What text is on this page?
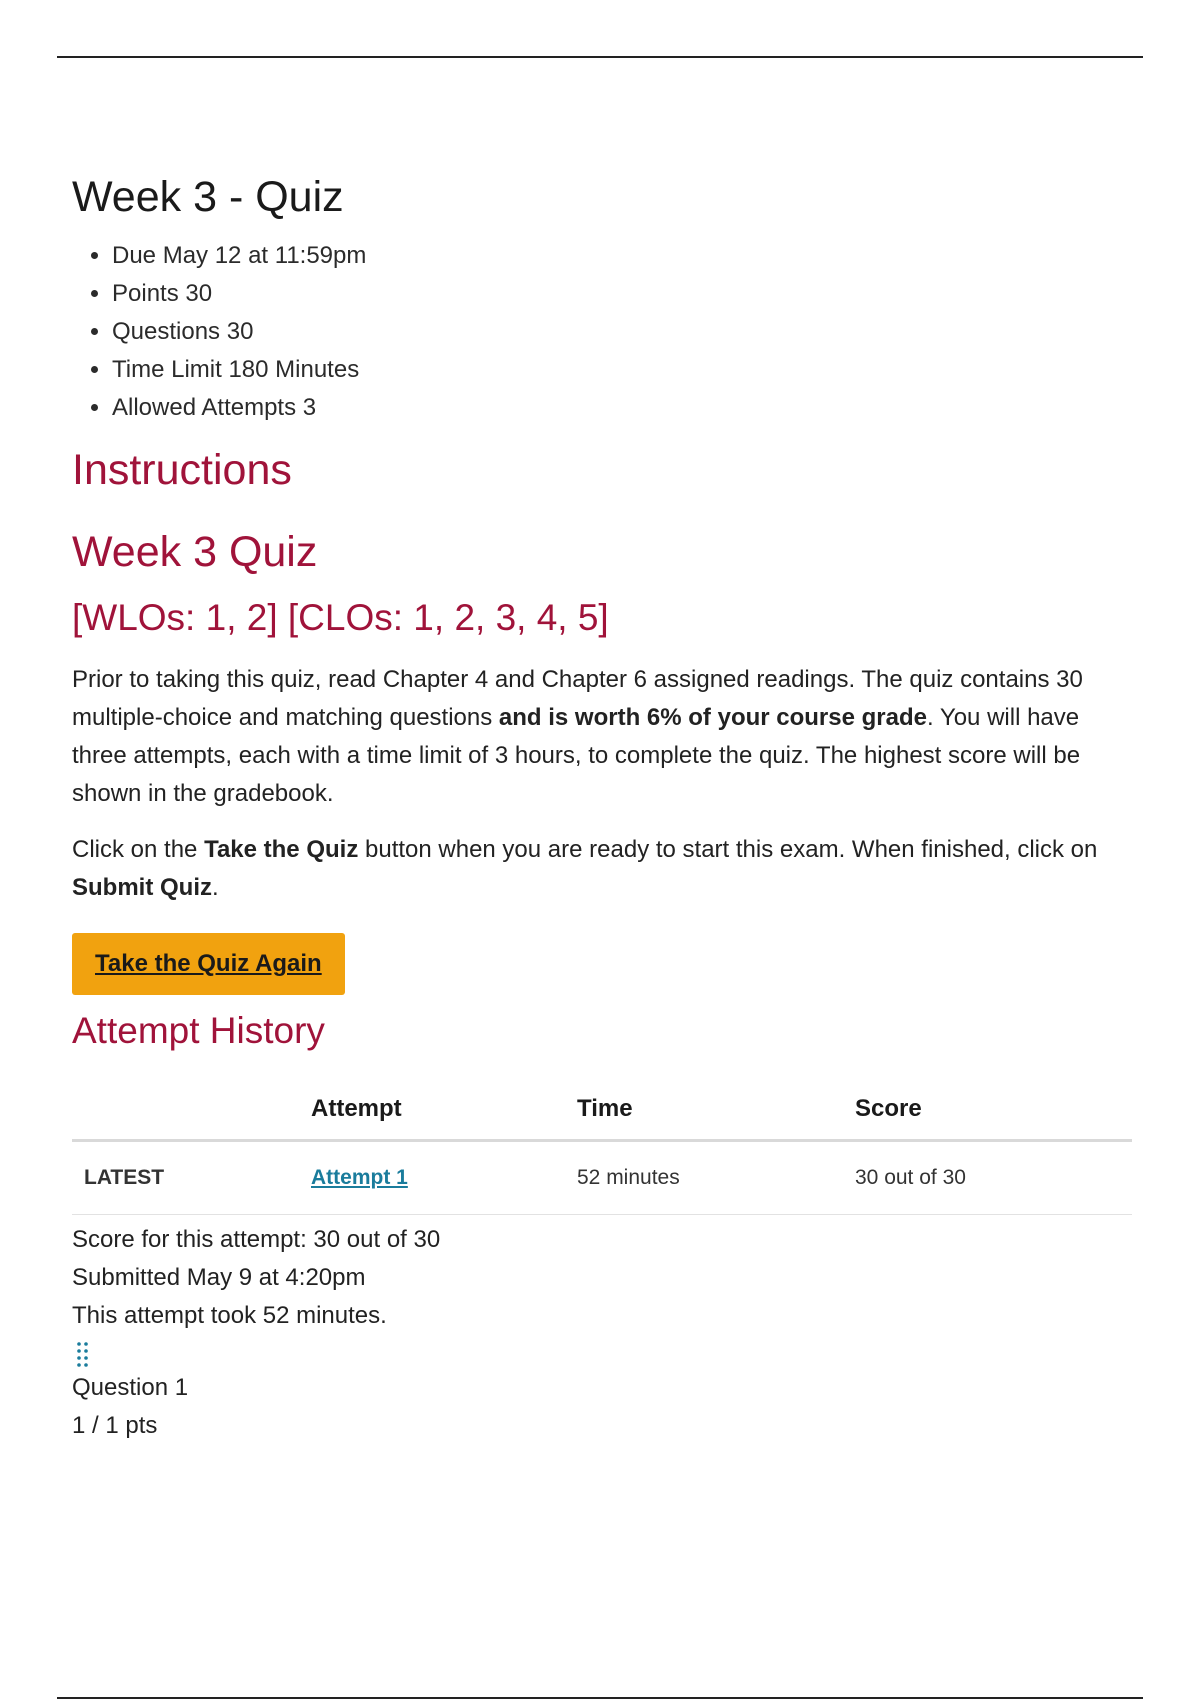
Week 3 - Quiz
• Due May 12 at 11:59pm
• Points 30
• Questions 30
• Time Limit 180 Minutes
• Allowed Attempts 3
Instructions
Week 3 Quiz
[WLOs: 1, 2] [CLOs: 1, 2, 3, 4, 5]

Prior to taking this quiz, read Chapter 4 and Chapter 6 assigned readings. The quiz contains 30 multiple-choice and matching questions and is worth 6% of your course grade. You will have three attempts, each with a time limit of 3 hours, to complete the quiz. The highest score will be shown in the gradebook.

Click on the Take the Quiz button when you are ready to start this exam. When finished, click on Submit Quiz.

Take the Quiz Again
Attempt History
	Attempt	Time	Score
LATEST	Attempt 1	52 minutes	30 out of 30
Score for this attempt: 30 out of 30
Submitted May 9 at 4:20pm
This attempt took 52 minutes.
Question 1
1 / 1 pts
